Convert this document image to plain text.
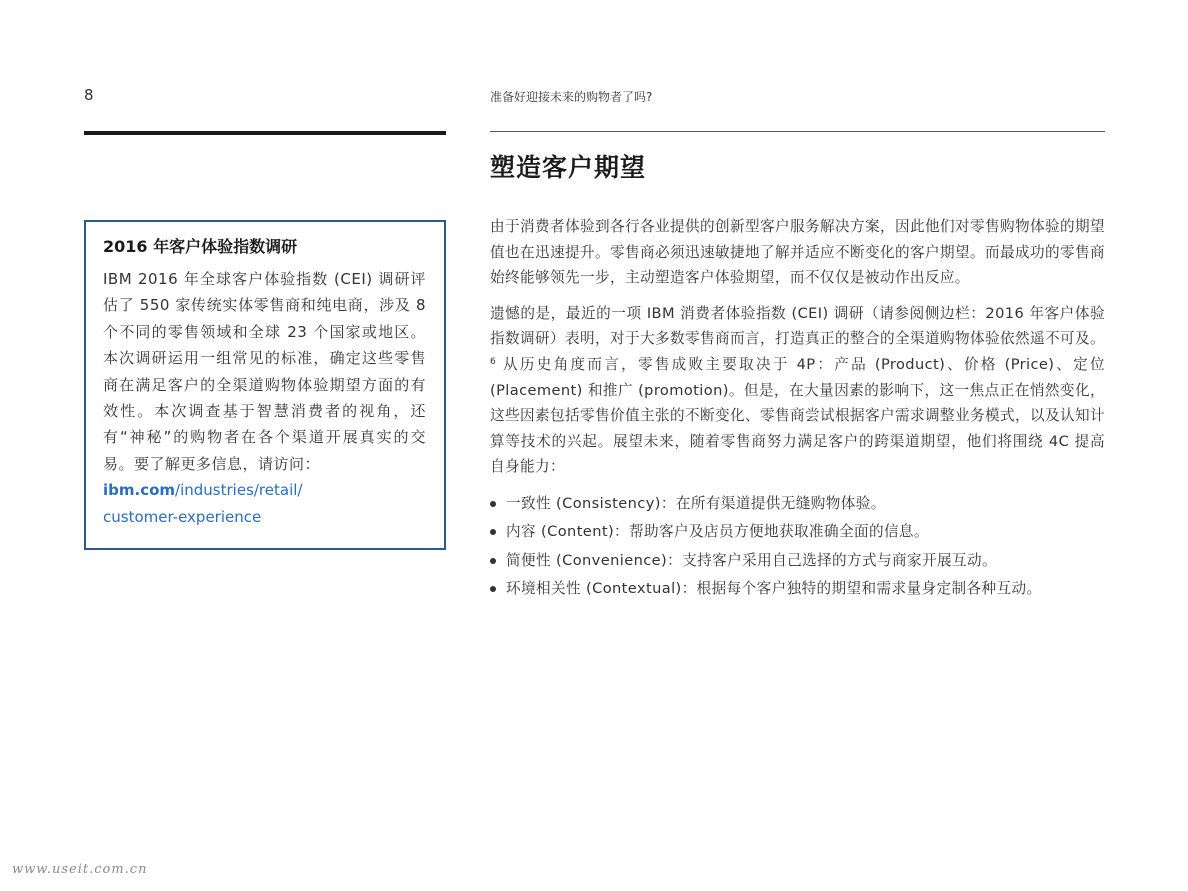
8	准备好迎接未来的购物者了吗?
塑造客户期望
2016 年客户体验指数调研

IBM 2016 年全球客户体验指数 (CEI) 调研评估了 550 家传统实体零售商和纯电商，涉及 8 个不同的零售领域和全球 23 个国家或地区。本次调研运用一组常见的标准，确定这些零售商在满足客户的全渠道购物体验期望方面的有效性。本次调查基于智慧消费者的视角，还有“神秘”的购物者在各个渠道开展真实的交易。要了解更多信息，请访问：

ibm.com/industries/retail/
customer-experience

由于消费者体验到各行各业提供的创新型客户服务解决方案，因此他们对零售购物体验的期望值也在迅速提升。零售商必须迅速敏捷地了解并适应不断变化的客户期望。而最成功的零售商始终能够领先一步，主动塑造客户体验期望，而不仅仅是被动作出反应。

遗憾的是，最近的一项 IBM 消费者体验指数 (CEI) 调研（请参阅侧边栏：2016 年客户体验指数调研）表明，对于大多数零售商而言，打造真正的整合的全渠道购物体验依然遥不可及。$^6$ 从历史角度而言，零售成败主要取决于 4P：产品 (Product)、价格 (Price)、定位 (Placement) 和推广 (promotion)。但是，在大量因素的影响下，这一焦点正在悄然变化，这些因素包括零售价值主张的不断变化、零售商尝试根据客户需求调整业务模式，以及认知计算等技术的兴起。展望未来，随着零售商努力满足客户的跨渠道期望，他们将围绕 4C 提高自身能力：

一致性 (Consistency)：在所有渠道提供无缝购物体验。
内容 (Content)：帮助客户及店员方便地获取准确全面的信息。
简便性 (Convenience)：支持客户采用自己选择的方式与商家开展互动。
环境相关性 (Contextual)：根据每个客户独特的期望和需求量身定制各种互动。
www.useit.com.cn
